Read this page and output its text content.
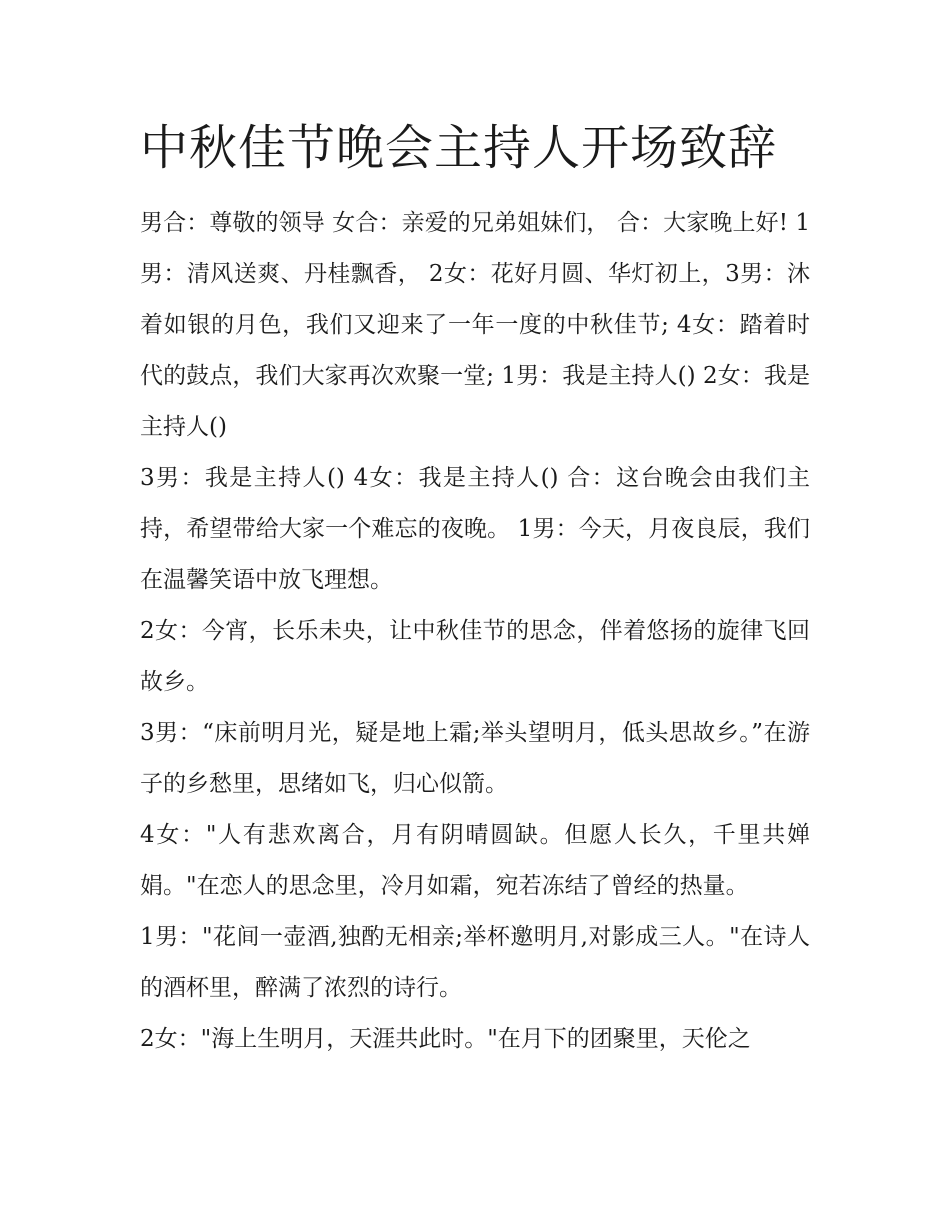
中秋佳节晚会主持人开场致辞

男合：尊敬的领导 女合：亲爱的兄弟姐妹们， 合：大家晚上好! 1男：清风送爽、丹桂飘香， 2女：花好月圆、华灯初上，3男：沐着如银的月色，我们又迎来了一年一度的中秋佳节; 4女：踏着时代的鼓点，我们大家再次欢聚一堂; 1男：我是主持人() 2女：我是主持人()

3男：我是主持人() 4女：我是主持人() 合：这台晚会由我们主持，希望带给大家一个难忘的夜晚。 1男：今天，月夜良辰，我们在温馨笑语中放飞理想。

2女：今宵，长乐未央，让中秋佳节的思念，伴着悠扬的旋律飞回故乡。

3男：“床前明月光，疑是地上霜;举头望明月，低头思故乡。”在游子的乡愁里，思绪如飞，归心似箭。

4女："人有悲欢离合，月有阴晴圆缺。但愿人长久，千里共婵娟。"在恋人的思念里，冷月如霜，宛若冻结了曾经的热量。

1男："花间一壶酒,独酌无相亲;举杯邀明月,对影成三人。"在诗人的酒杯里，醉满了浓烈的诗行。

2女："海上生明月，天涯共此时。"在月下的团聚里，天伦之
